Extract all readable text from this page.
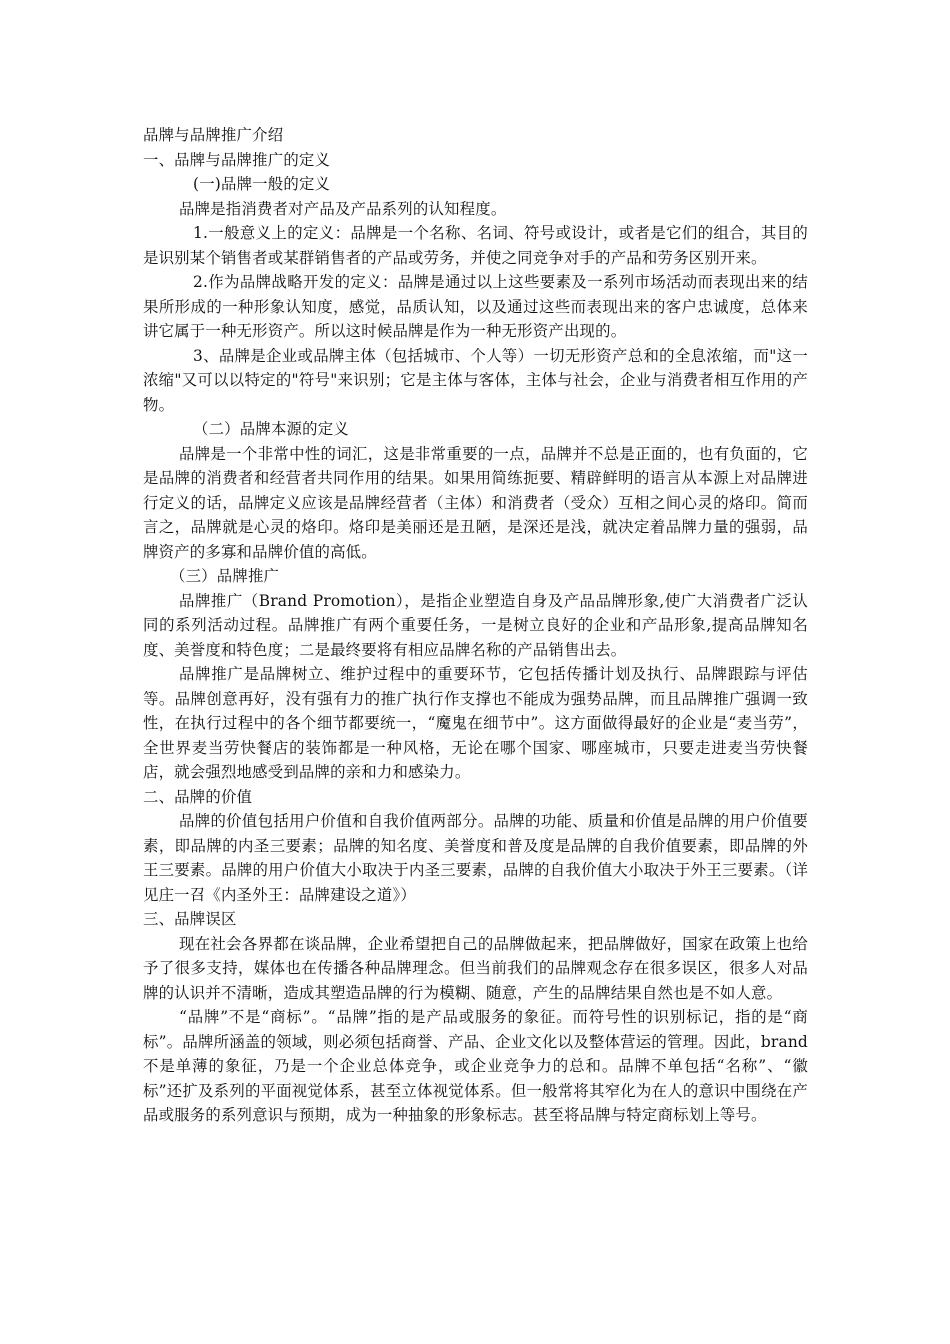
品牌与品牌推广介绍

一、品牌与品牌推广的定义

(一)品牌一般的定义

品牌是指消费者对产品及产品系列的认知程度。

1.一般意义上的定义：品牌是一个名称、名词、符号或设计，或者是它们的组合，其目的是识别某个销售者或某群销售者的产品或劳务，并使之同竞争对手的产品和劳务区别开来。

2.作为品牌战略开发的定义：品牌是通过以上这些要素及一系列市场活动而表现出来的结果所形成的一种形象认知度，感觉，品质认知，以及通过这些而表现出来的客户忠诚度，总体来讲它属于一种无形资产。所以这时候品牌是作为一种无形资产出现的。

3、品牌是企业或品牌主体（包括城市、个人等）一切无形资产总和的全息浓缩，而"这一浓缩"又可以以特定的"符号"来识别；它是主体与客体，主体与社会，企业与消费者相互作用的产物。

（二）品牌本源的定义

品牌是一个非常中性的词汇，这是非常重要的一点，品牌并不总是正面的，也有负面的，它是品牌的消费者和经营者共同作用的结果。如果用简练扼要、精辟鲜明的语言从本源上对品牌进行定义的话，品牌定义应该是品牌经营者（主体）和消费者（受众）互相之间心灵的烙印。简而言之，品牌就是心灵的烙印。烙印是美丽还是丑陋，是深还是浅，就决定着品牌力量的强弱，品牌资产的多寡和品牌价值的高低。

（三）品牌推广

品牌推广（Brand Promotion），是指企业塑造自身及产品品牌形象,使广大消费者广泛认同的系列活动过程。品牌推广有两个重要任务，一是树立良好的企业和产品形象,提高品牌知名度、美誉度和特色度；二是最终要将有相应品牌名称的产品销售出去。

品牌推广是品牌树立、维护过程中的重要环节，它包括传播计划及执行、品牌跟踪与评估等。品牌创意再好，没有强有力的推广执行作支撑也不能成为强势品牌，而且品牌推广强调一致性，在执行过程中的各个细节都要统一，“魔鬼在细节中”。这方面做得最好的企业是“麦当劳”，全世界麦当劳快餐店的装饰都是一种风格，无论在哪个国家、哪座城市，只要走进麦当劳快餐店，就会强烈地感受到品牌的亲和力和感染力。

二、品牌的价值

品牌的价值包括用户价值和自我价值两部分。品牌的功能、质量和价值是品牌的用户价值要素，即品牌的内圣三要素；品牌的知名度、美誉度和普及度是品牌的自我价值要素，即品牌的外王三要素。品牌的用户价值大小取决于内圣三要素，品牌的自我价值大小取决于外王三要素。（详见庄一召《内圣外王：品牌建设之道》）

三、品牌误区

现在社会各界都在谈品牌，企业希望把自己的品牌做起来，把品牌做好，国家在政策上也给予了很多支持，媒体也在传播各种品牌理念。但当前我们的品牌观念存在很多误区，很多人对品牌的认识并不清晰，造成其塑造品牌的行为模糊、随意，产生的品牌结果自然也是不如人意。

“品牌”不是“商标”。“品牌”指的是产品或服务的象征。而符号性的识别标记，指的是“商标”。品牌所涵盖的领域，则必须包括商誉、产品、企业文化以及整体营运的管理。因此，brand 不是单薄的象征，乃是一个企业总体竞争，或企业竞争力的总和。品牌不单包括“名称”、“徽标”还扩及系列的平面视觉体系，甚至立体视觉体系。但一般常将其窄化为在人的意识中围绕在产品或服务的系列意识与预期，成为一种抽象的形象标志。甚至将品牌与特定商标划上等号。
